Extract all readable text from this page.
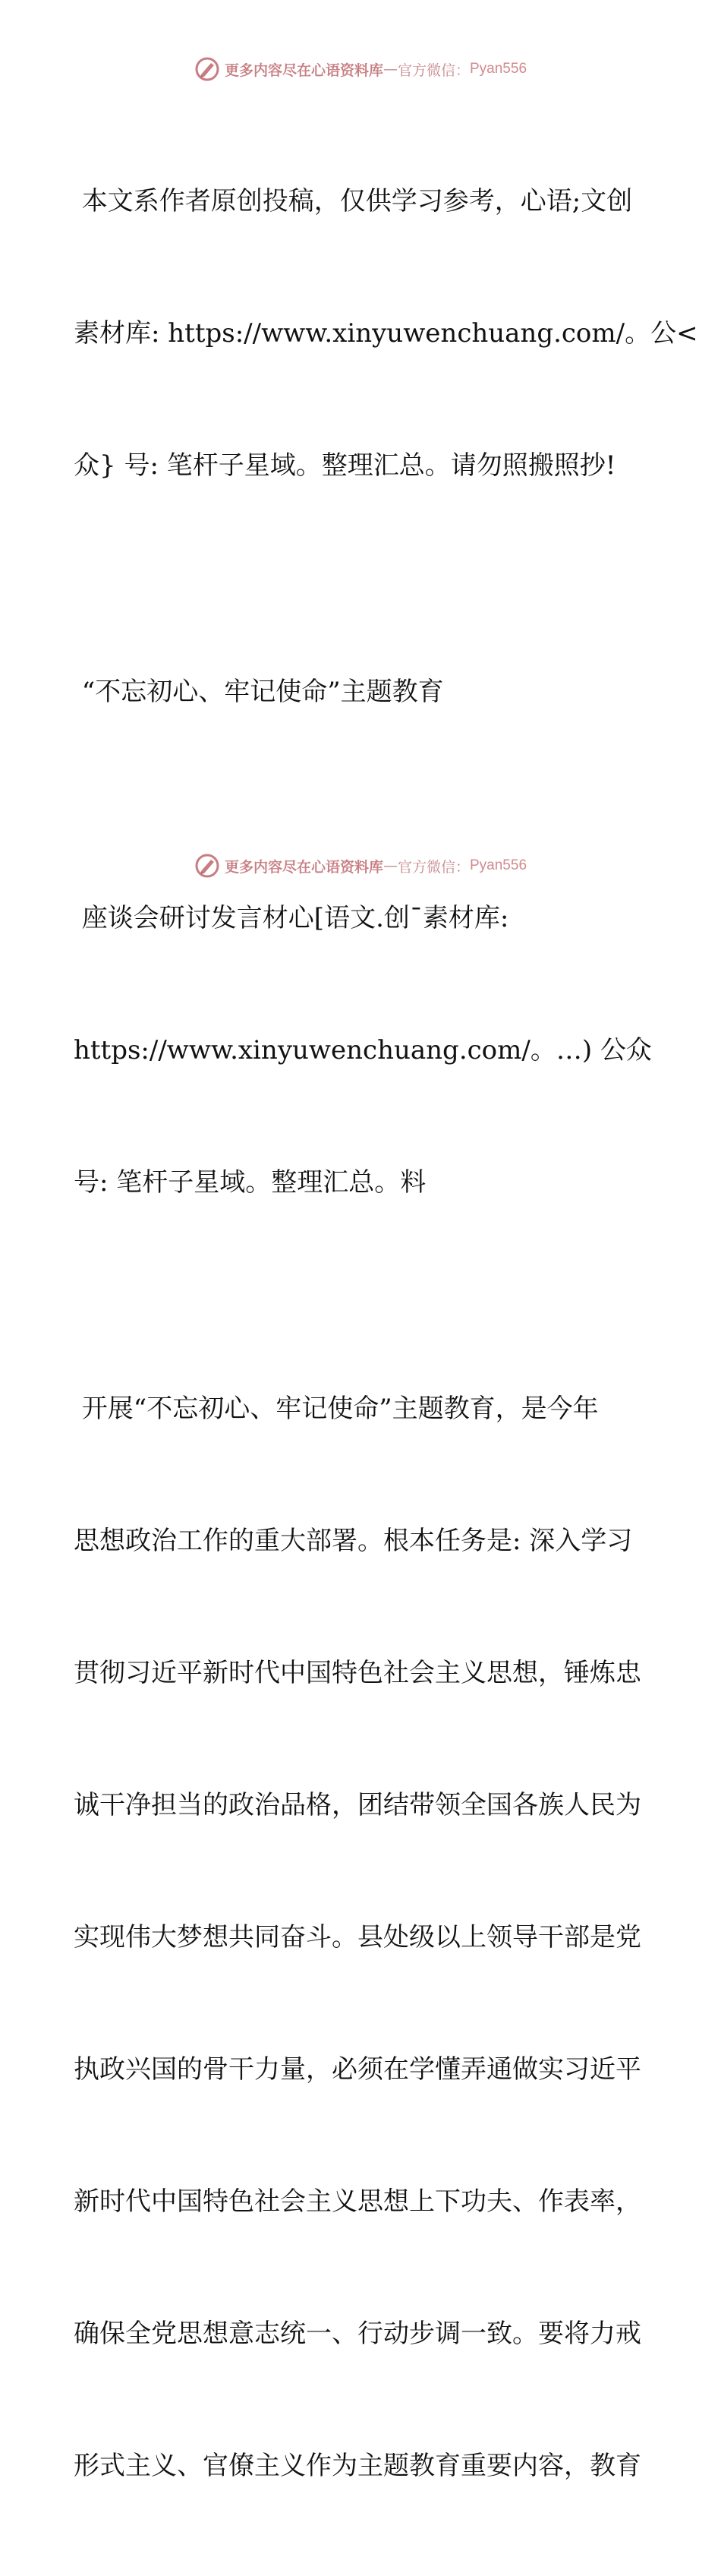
更多内容尽在心语资料库 — 官方微信： Pyan556

本文系作者原创投稿，仅供学习参考，心语;文创

素材库: https://www.xinyuwenchuang.com/。公<

众} 号: 笔杆子星域。整理汇总。请勿照搬照抄!

“不忘初心、牢记使命”主题教育

座谈会研讨发言材心[语文.创¯素材库:

https://www.xinyuwenchuang.com/。…) 公众

号: 笔杆子星域。整理汇总。料

开展“不忘初心、牢记使命”主题教育，是今年

思想政治工作的重大部署。根本任务是: 深入学习

贯彻习近平新时代中国特色社会主义思想，锤炼忠

诚干净担当的政治品格，团结带领全国各族人民为

实现伟大梦想共同奋斗。县处级以上领导干部是党

执政兴国的骨干力量，必须在学懂弄通做实习近平

新时代中国特色社会主义思想上下功夫、作表率，

确保全党思想意志统一、行动步调一致。要将力戒

形式主义、官僚主义作为主题教育重要内容，教育

更多内容尽在心语资料库 — 官方微信： Pyan556
